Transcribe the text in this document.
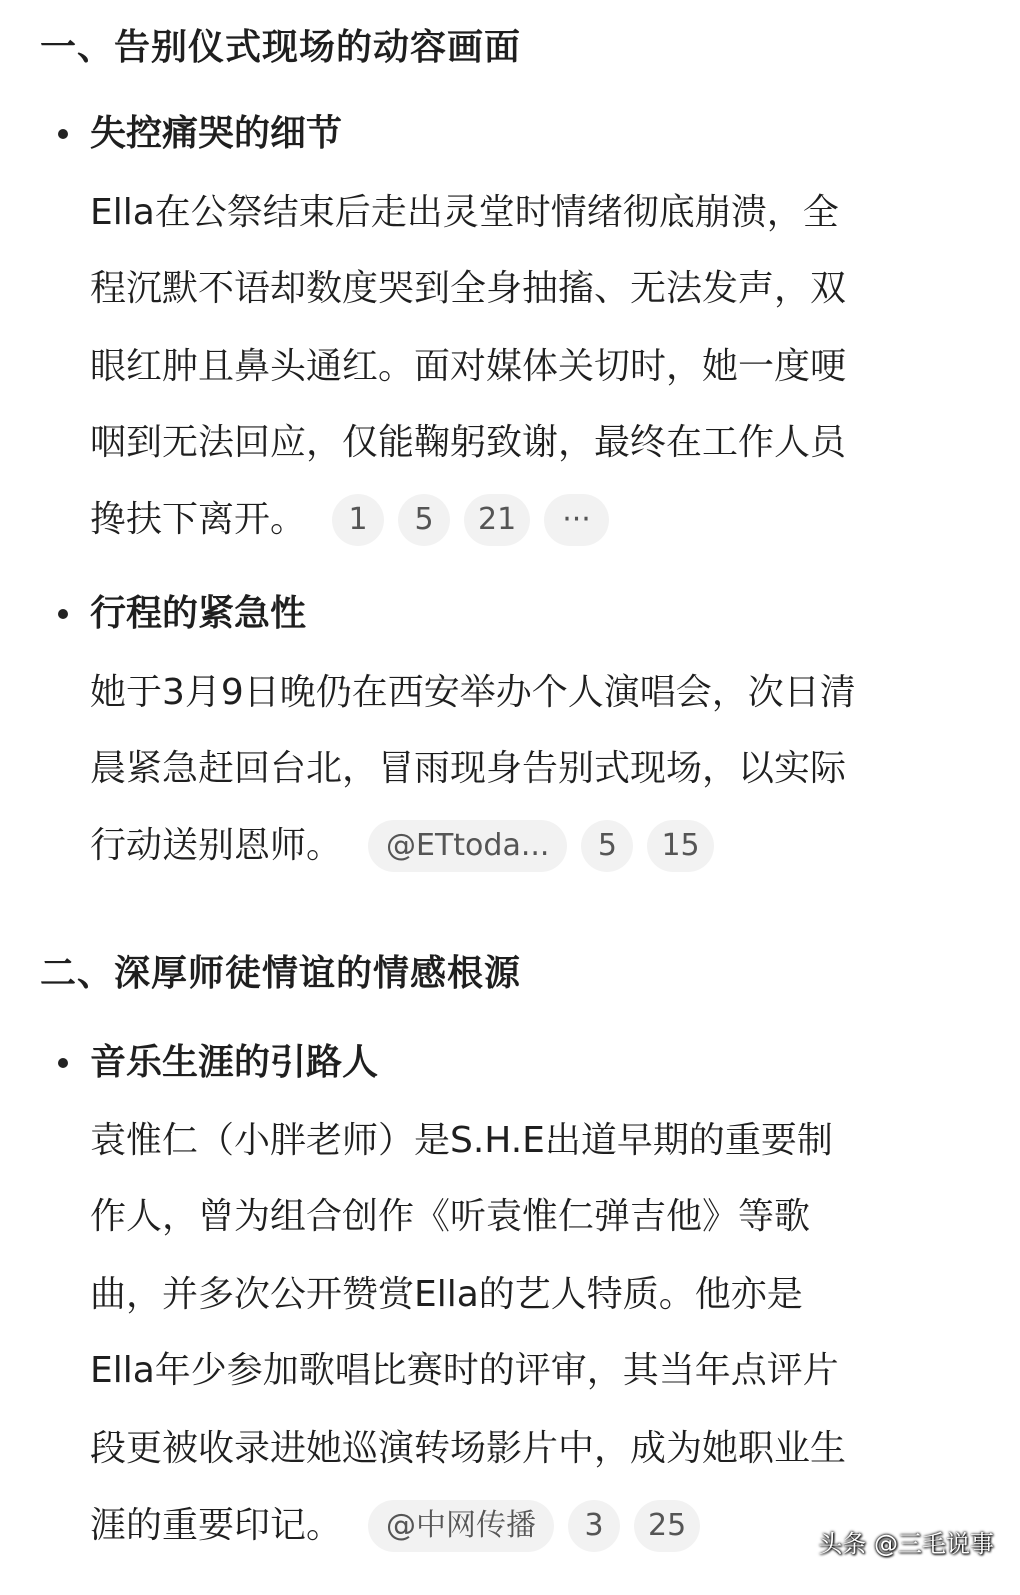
一、告别仪式现场的动容画面
失控痛哭的细节
Ella在公祭结束后走出灵堂时情绪彻底崩溃，全
程沉默不语却数度哭到全身抽搐、无法发声，双
眼红肿且鼻头通红。面对媒体关切时，她一度哽
咽到无法回应，仅能鞠躬致谢，最终在工作人员
搀扶下离开。	1	5	21	···
行程的紧急性
她于3月9日晚仍在西安举办个人演唱会，次日清
晨紧急赶回台北，冒雨现身告别式现场，以实际
行动送别恩师。	@ETtoda...	5	15
二、深厚师徒情谊的情感根源
音乐生涯的引路人
袁惟仁（小胖老师）是S.H.E出道早期的重要制
作人，曾为组合创作《听袁惟仁弹吉他》等歌
曲，并多次公开赞赏Ella的艺人特质。他亦是
Ella年少参加歌唱比赛时的评审，其当年点评片
段更被收录进她巡演转场影片中，成为她职业生
涯的重要印记。	@中网传播	3	25
头条 @三毛说事
